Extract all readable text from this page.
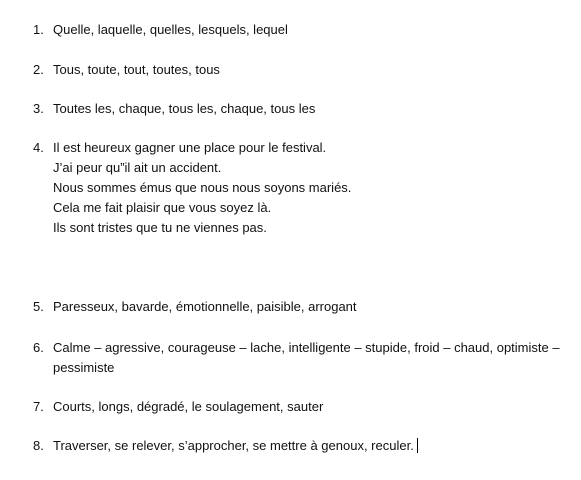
1. Quelle, laquelle, quelles, lesquels, lequel
2. Tous, toute, tout, toutes, tous
3. Toutes les, chaque, tous les, chaque, tous les
4. Il est heureux gagner une place pour le festival.
J’ai peur qu”il ait un accident.
Nous sommes émus que nous nous soyons mariés.
Cela me fait plaisir que vous soyez là.
Ils sont tristes que tu ne viennes pas.
5. Paresseux, bavarde, émotionnelle, paisible, arrogant
6. Calme – agressive, courageuse – lache, intelligente – stupide, froid – chaud, optimiste –
pessimiste
7. Courts, longs, dégradé, le soulagement, sauter
8. Traverser, se relever, s’approcher, se mettre à genoux, reculer.
